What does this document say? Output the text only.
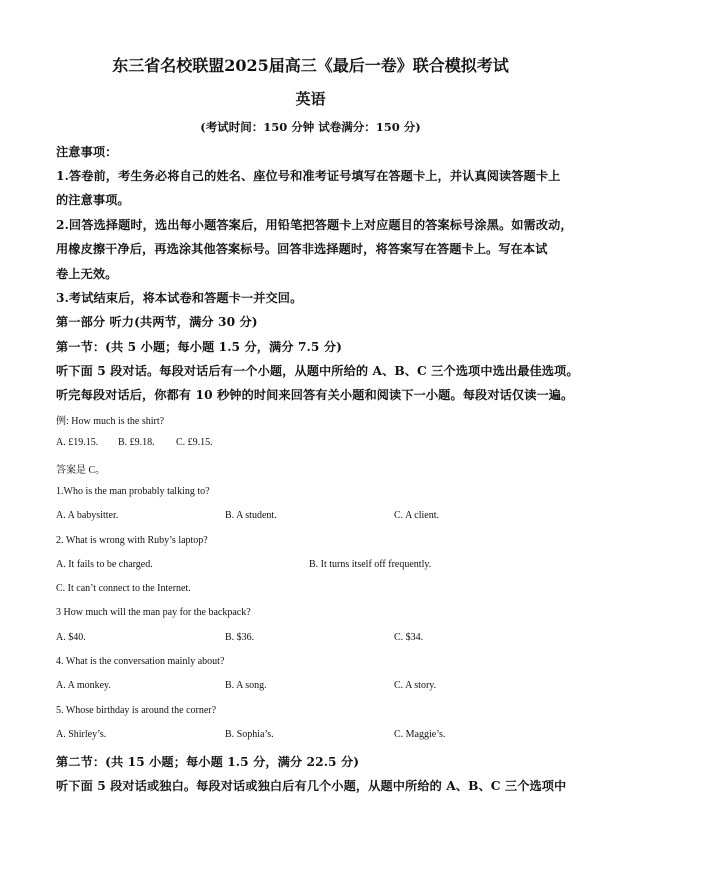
东三省名校联盟2025届高三《最后一卷》联合模拟考试
英语
(考试时间：150 分钟 试卷满分：150 分)
注意事项：
1.答卷前，考生务必将自己的姓名、座位号和准考证号填写在答题卡上，并认真阅读答题卡上
的注意事项。
2.回答选择题时，选出每小题答案后，用铅笔把答题卡上对应题目的答案标号涂黑。如需改动，
用橡皮擦干净后，再选涂其他答案标号。回答非选择题时，将答案写在答题卡上。写在本试
卷上无效。
3.考试结束后，将本试卷和答题卡一并交回。
第一部分 听力(共两节，满分 30 分)
第一节：(共 5 小题；每小题 1.5 分，满分 7.5 分)
听下面 5 段对话。每段对话后有一个小题，从题中所给的 A、B、C 三个选项中选出最佳选项。
听完每段对话后，你都有 10 秒钟的时间来回答有关小题和阅读下一小题。每段对话仅读一遍。
例: How much is the shirt?
A. £19.15. B. £9.18. C. £9.15.
答案是 C。
1.Who is the man probably talking to?
A. A babysitter.	B. A student.	C. A client.
2. What is wrong with Ruby’s laptop?
A. It fails to be charged.	B. It turns itself off frequently.
C. It can’t connect to the Internet.
3 How much will the man pay for the backpack?
A. $40.	B. $36.	C. $34.
4. What is the conversation mainly about?
A. A monkey.	B. A song.	C. A story.
5. Whose birthday is around the corner?
A. Shirley’s.	B. Sophia’s.	C. Maggie’s.
第二节：(共 15 小题；每小题 1.5 分，满分 22.5 分)
听下面 5 段对话或独白。每段对话或独白后有几个小题，从题中所给的 A、B、C 三个选项中
